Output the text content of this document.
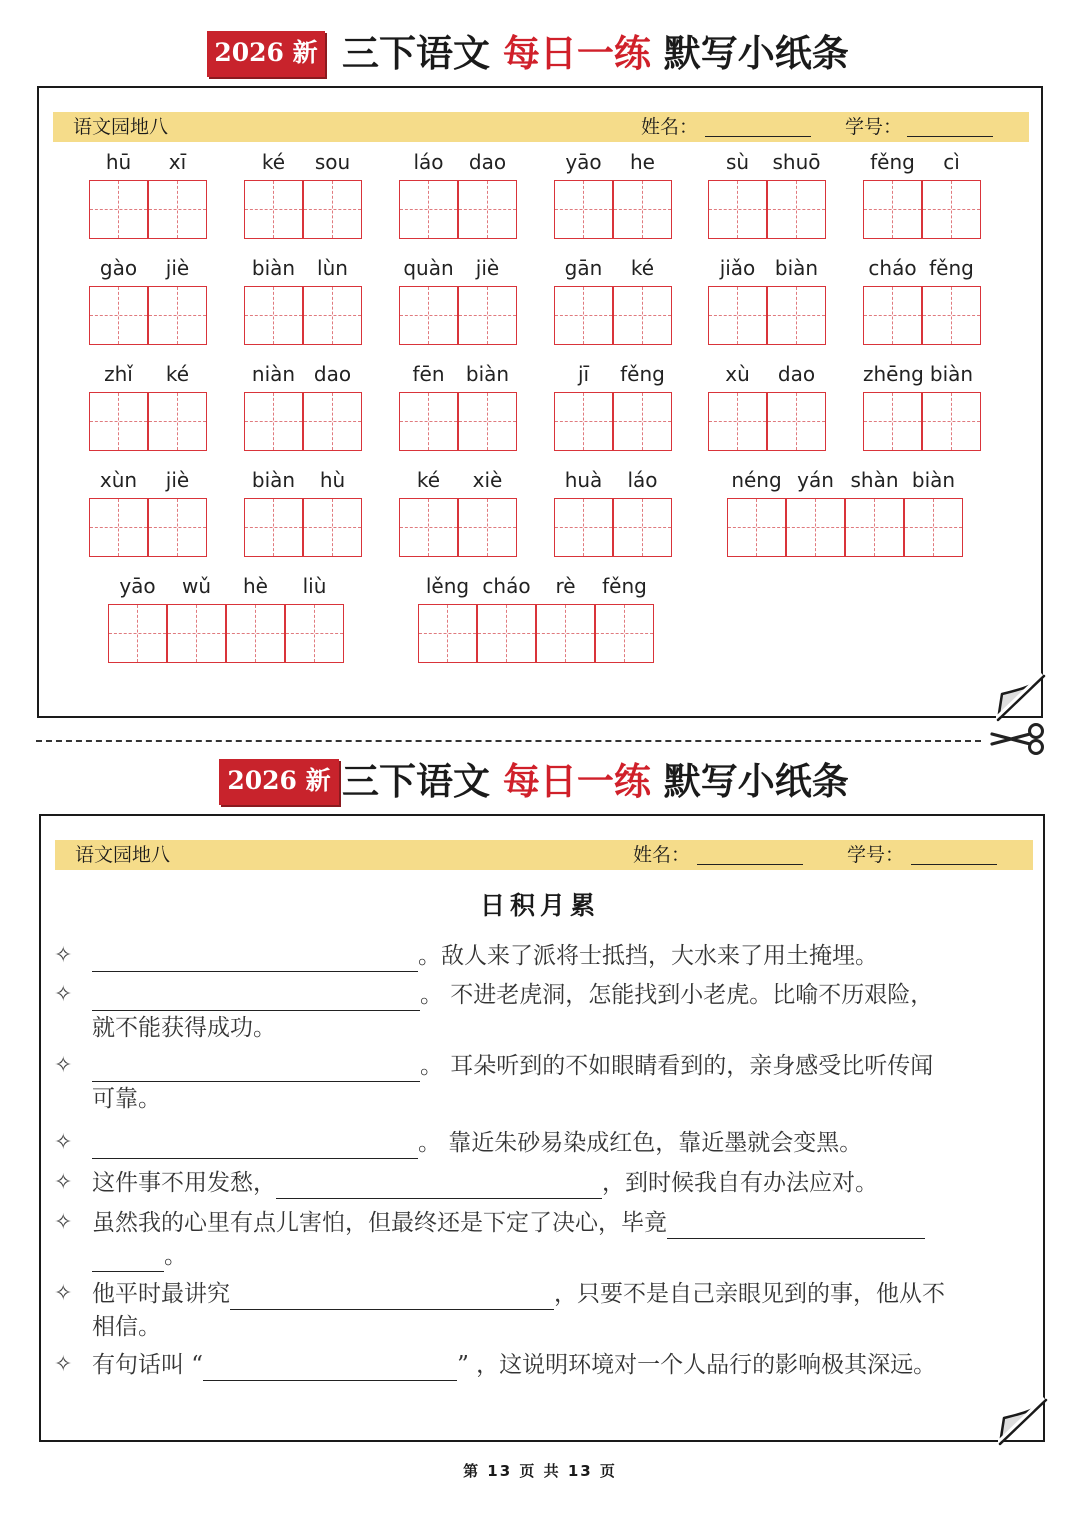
2026 新 三下语文 每日一练 默写小纸条
语文园地八	姓名：	学号：
hū	xī	ké	sou	láo	dao	yāo	he	sù	shuō	fěng	cì
gào	jiè	biàn	lùn	quàn	jiè	gān	ké	jiǎo biàn	cháo fěng
zhǐ	ké	niàn dao	fēn	biàn	jī	fěng	xù	dao	zhēng biàn
xùn	jiè	biàn	hù	ké	xiè	huà	láo	néng yán shàn biàn
yāo	wǔ	hè	liù	lěng cháo	rè	fěng
2026 新 三下语文 每日一练 默写小纸条
语文园地八	姓名：	学号：
日积月累
✧	。敌人来了派将士抵挡，大水来了用土掩埋。
✧	。 不进老虎洞，怎能找到小老虎。比喻不历艰险，
就不能获得成功。
✧	。 耳朵听到的不如眼睛看到的，亲身感受比听传闻
可靠。
✧	。 靠近朱砂易染成红色，靠近墨就会变黑。
✧ 这件事不用发愁，	，到时候我自有办法应对。
✧ 虽然我的心里有点儿害怕，但最终还是下定了决心，毕竟
。
✧ 他平时最讲究	，只要不是自己亲眼见到的事，他从不
相信。
✧ 有句话叫 “	” ，这说明环境对一个人品行的影响极其深远。
第 13 页 共 13 页
